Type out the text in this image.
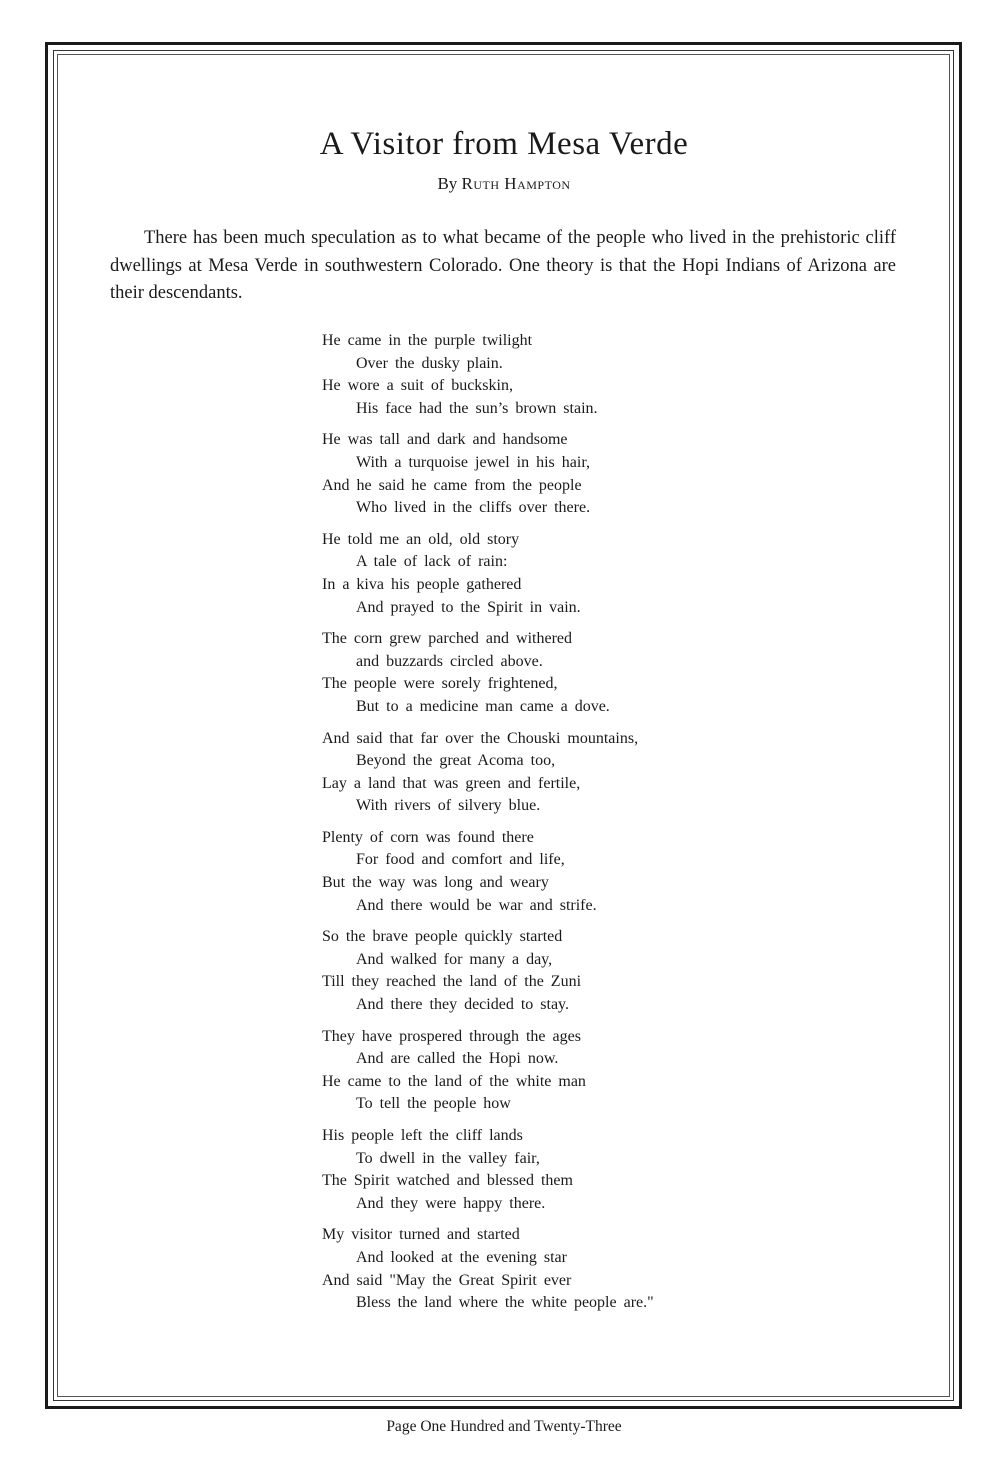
A Visitor from Mesa Verde

By Ruth Hampton

There has been much speculation as to what became of the people who lived in the prehistoric cliff dwellings at Mesa Verde in southwestern Colorado. One theory is that the Hopi Indians of Arizona are their descendants.

He came in the purple twilight
Over the dusky plain.
He wore a suit of buckskin,
His face had the sun’s brown stain.
He was tall and dark and handsome
With a turquoise jewel in his hair,
And he said he came from the people
Who lived in the cliffs over there.
He told me an old, old story
A tale of lack of rain:
In a kiva his people gathered
And prayed to the Spirit in vain.
The corn grew parched and withered
and buzzards circled above.
The people were sorely frightened,
But to a medicine man came a dove.
And said that far over the Chouski mountains,
Beyond the great Acoma too,
Lay a land that was green and fertile,
With rivers of silvery blue.
Plenty of corn was found there
For food and comfort and life,
But the way was long and weary
And there would be war and strife.
So the brave people quickly started
And walked for many a day,
Till they reached the land of the Zuni
And there they decided to stay.
They have prospered through the ages
And are called the Hopi now.
He came to the land of the white man
To tell the people how
His people left the cliff lands
To dwell in the valley fair,
The Spirit watched and blessed them
And they were happy there.
My visitor turned and started
And looked at the evening star
And said "May the Great Spirit ever
Bless the land where the white people are."

Page One Hundred and Twenty-Three
